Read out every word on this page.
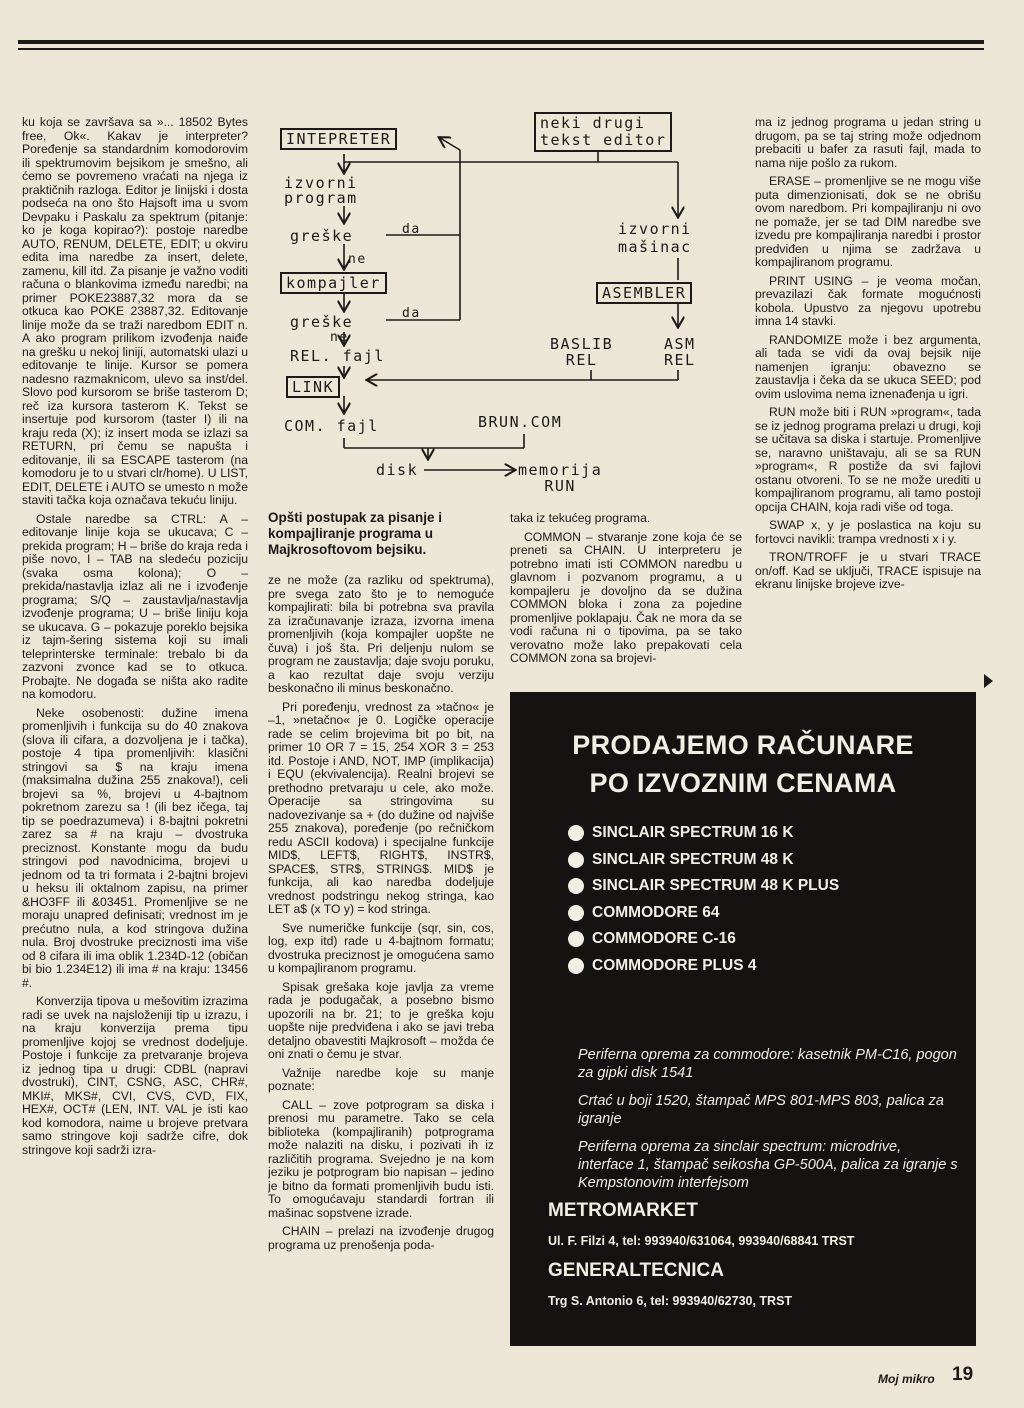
ku koja se završava sa »... 18502 Bytes free, Ok«. Kakav je interpreter? Poređenje sa standardnim komodorovim ili spektrumovim bejsikom je smešno, ali ćemo se povremeno vraćati na njega iz praktičnih razloga. Editor je linijski i dosta podseća na ono što Hajsoft ima u svom Devpaku i Paskalu za spektrum (pitanje: ko je koga kopirao?): postoje naredbe AUTO, RENUM, DELETE, EDIT; u okviru edita ima naredbe za insert, delete, zamenu, kill itd. Za pisanje je važno voditi računa o blankovima između naredbi; na primer POKE23887,32 mora da se otkuca kao POKE 23887,32. Editovanje linije može da se traži naredbom EDIT n. A ako program prilikom izvođenja naiđe na grešku u nekoj liniji, automatski ulazi u editovanje te linije. Kursor se pomera nadesno razmaknicom, ulevo sa inst/del. Slovo pod kursorom se briše tasterom D; reč iza kursora tasterom K. Tekst se insertuje pod kursorom (taster I) ili na kraju reda (X); iz insert moda se izlazi sa RETURN, pri čemu se napušta i editovanje, ili sa ESCAPE tasterom (na komodoru je to u stvari clr/home). U LIST, EDIT, DELETE i AUTO se umesto n može staviti tačka koja označava tekuću liniju.

Ostale naredbe sa CTRL: A – editovanje linije koja se ukucava; C – prekida program; H – briše do kraja reda i piše novo, I – TAB na sledeću poziciju (svaka osma kolona); O – prekida/nastavlja izlaz ali ne i izvođenje programa; S/Q – zaustavlja/nastavlja izvođenje programa; U – briše liniju koja se ukucava. G – pokazuje poreklo bejsika iz tajm-šering sistema koji su imali teleprinterske terminale: trebalo bi da zazvoni zvonce kad se to otkuca. Probajte. Ne događa se ništa ako radite na komodoru.

Neke osobenosti: dužine imena promenljivih i funkcija su do 40 znakova (slova ili cifara, a dozvoljena je i tačka), postoje 4 tipa promenljivih: klasični stringovi sa $ na kraju imena (maksimalna dužina 255 znakova!), celi brojevi sa %, brojevi u 4-bajtnom pokretnom zarezu sa ! (ili bez ičega, taj tip se poedrazumeva) i 8-bajtni pokretni zarez sa # na kraju – dvostruka preciznost. Konstante mogu da budu stringovi pod navodnicima, brojevi u jednom od ta tri formata i 2-bajtni brojevi u heksu ili oktalnom zapisu, na primer &HO3FF ili &03451. Promenljive se ne moraju unapred definisati; vrednost im je prećutno nula, a kod stringova dužina nula. Broj dvostruke preciznosti ima više od 8 cifara ili ima oblik 1.234D-12 (običan bi bio 1.234E12) ili ima # na kraju: 13456 #.

Konverzija tipova u mešovitim izrazima radi se uvek na najsloženiji tip u izrazu, i na kraju konverzija prema tipu promenljive kojoj se vrednost dodeljuje. Postoje i funkcije za pretvaranje brojeva iz jednog tipa u drugi: CDBL (napravi dvostruki), CINT, CSNG, ASC, CHR#, MKI#, MKS#, CVI, CVS, CVD, FIX, HEX#, OCT# (LEN, INT. VAL je isti kao kod komodora, naime u brojeve pretvara samo stringove koji sadrže cifre, dok stringove koji sadrži izra-

INTEPRETER
neki drugi
tekst editor
izvorni
program
greške	da
ne
kompajler
greške	da
ne
REL. fajl
LINK
COM. fajl
izvorni
mašinac
ASEMBLER
BASLIB
REL
ASM
REL
BRUN.COM
disk	memorija
RUN
Opšti postupak za pisanje i kompajliranje programa u Majkrosoftovom bejsiku.

ze ne može (za razliku od spektruma), pre svega zato što je to nemoguće kompajlirati: bila bi potrebna sva pravila za izračunavanje izraza, izvorna imena promenljivih (koja kompajler uopšte ne čuva) i još šta. Pri deljenju nulom se program ne zaustavlja; daje svoju poruku, a kao rezultat daje svoju verziju beskonačno ili minus beskonačno.

Pri poređenju, vrednost za »tačno« je –1, »netačno« je 0. Logičke operacije rade se celim brojevima bit po bit, na primer 10 OR 7 = 15, 254 XOR 3 = 253 itd. Postoje i AND, NOT, IMP (implikacija) i EQU (ekvivalencija). Realni brojevi se prethodno pretvaraju u cele, ako može. Operacije sa stringovima su nadovezivanje sa + (do dužine od najviše 255 znakova), poređenje (po rečničkom redu ASCII kodova) i specijalne funkcije MID$, LEFT$, RIGHT$, INSTR$, SPACE$, STR$, STRING$. MID$ je funkcija, ali kao naredba dodeljuje vrednost podstringu nekog stringa, kao LET a$ (x TO y) = kod stringa.

Sve numeričke funkcije (sqr, sin, cos, log, exp itd) rade u 4-bajtnom formatu; dvostruka preciznost je omogućena samo u kompajliranom programu.

Spisak grešaka koje javlja za vreme rada je podugačak, a posebno bismo upozorili na br. 21; to je greška koju uopšte nije predviđena i ako se javi treba detaljno obavestiti Majkrosoft – možda će oni znati o čemu je stvar.

Važnije naredbe koje su manje poznate:

CALL – zove potprogram sa diska i prenosi mu parametre. Tako se cela biblioteka (kompajliranih) potprograma može nalaziti na disku, i pozivati ih iz različitih programa. Svejedno je na kom jeziku je potprogram bio napisan – jedino je bitno da formati promenljivih budu isti. To omogućavaju standardi fortran ili mašinac sopstvene izrade.

CHAIN – prelazi na izvođenje drugog programa uz prenošenja poda-

taka iz tekućeg programa.

COMMON – stvaranje zone koja će se preneti sa CHAIN. U interpreteru je potrebno imati isti COMMON naredbu u glavnom i pozvanom programu, a u kompajleru je dovoljno da se dužina COMMON bloka i zona za pojedine promenljive poklapaju. Čak ne mora da se vodi računa ni o tipovima, pa se tako verovatno može lako prepakovati cela COMMON zona sa brojevi-

ma iz jednog programa u jedan string u drugom, pa se taj string može odjednom prebaciti u bafer za rasuti fajl, mada to nama nije pošlo za rukom.

ERASE – promenljive se ne mogu više puta dimenzionisati, dok se ne obrišu ovom naredbom. Pri kompajliranju ni ovo ne pomaže, jer se tad DIM naredbe sve izvedu pre kompajliranja naredbi i prostor predviđen u njima se zadržava u kompajliranom programu.

PRINT USING – je veoma močan, prevazilazi čak formate mogućnosti kobola. Upustvo za njegovu upotrebu imna 14 stavki.

RANDOMIZE može i bez argumenta, ali tada se vidi da ovaj bejsik nije namenjen igranju: obavezno se zaustavlja i čeka da se ukuca SEED; pod ovim uslovima nema iznenađenja u igri.

RUN može biti i RUN »program«, tada se iz jednog programa prelazi u drugi, koji se učitava sa diska i startuje. Promenljive se, naravno uništavaju, ali se sa RUN »program«, R postiže da svi fajlovi ostanu otvoreni. To se ne može urediti u kompajliranom programu, ali tamo postoji opcija CHAIN, koja radi više od toga.

SWAP x, y je poslastica na koju su fortovci navikli: trampa vrednosti x i y.

TRON/TROFF je u stvari TRACE on/off. Kad se uključi, TRACE ispisuje na ekranu linijske brojeve izve-

PRODAJEMO RAČUNARE
PO IZVOZNIM CENAMA
SINCLAIR SPECTRUM 16 K
SINCLAIR SPECTRUM 48 K
SINCLAIR SPECTRUM 48 K PLUS
COMMODORE 64
COMMODORE C-16
COMMODORE PLUS 4
Periferna oprema za commodore: kasetnik PM-C16, pogon za gipki disk 1541
Crtać u boji 1520, štampač MPS 801-MPS 803, palica za igranje
Periferna oprema za sinclair spectrum: microdrive, interface 1, štampač seikosha GP-500A, palica za igranje s Kempstonovim interfejsom
METROMARKET
Ul. F. Filzi 4, tel: 993940/631064, 993940/68841 TRST
GENERALTECNICA
Trg S. Antonio 6, tel: 993940/62730, TRST
Moj mikro 19
